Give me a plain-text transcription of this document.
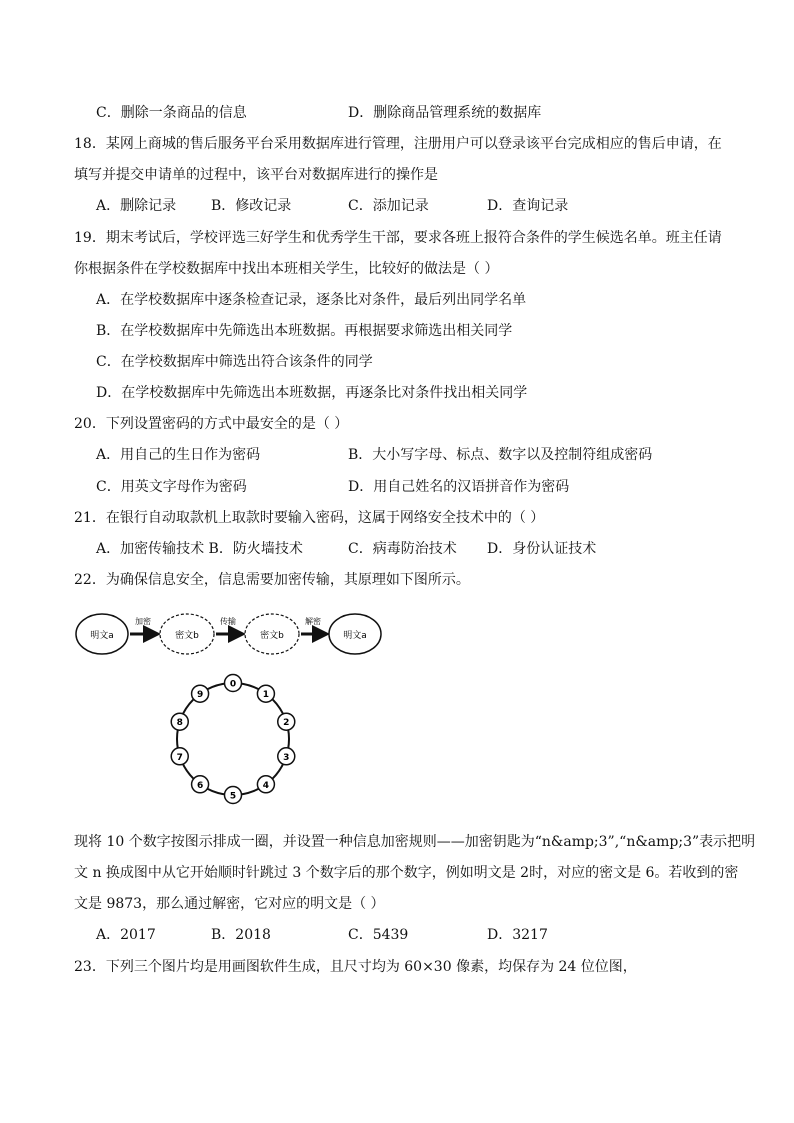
C．删除一条商品的信息	D．删除商品管理系统的数据库
18．某网上商城的售后服务平台采用数据库进行管理，注册用户可以登录该平台完成相应的售后申请，在
填写并提交申请单的过程中，该平台对数据库进行的操作是
A．删除记录 B．修改记录	C．添加记录	D．查询记录
19．期末考试后，学校评选三好学生和优秀学生干部，要求各班上报符合条件的学生候选名单。班主任请
你根据条件在学校数据库中找出本班相关学生，比较好的做法是（ ）
A．在学校数据库中逐条检查记录，逐条比对条件，最后列出同学名单
B．在学校数据库中先筛选出本班数据。再根据要求筛选出相关同学
C．在学校数据库中筛选出符合该条件的同学
D．在学校数据库中先筛选出本班数据，再逐条比对条件找出相关同学
20．下列设置密码的方式中最安全的是（ ）
A．用自己的生日作为密码	B．大小写字母、标点、数字以及控制符组成密码
C．用英文字母作为密码	D．用自己姓名的汉语拼音作为密码
21．在银行自动取款机上取款时要输入密码，这属于网络安全技术中的（ ）
A．加密传输技术 B．防火墙技术	C．病毒防治技术 D．身份认证技术
22．为确保信息安全，信息需要加密传输，其原理如下图所示。
明文a
加密
密文b
传输
密文b
解密
明文a
0
1
2
3
4
5
6
7
8
9
现将 10 个数字按图示排成一圈，并设置一种信息加密规则——加密钥匙为“n&amp;3”,“n&amp;3”表示把明
文 n 换成图中从它开始顺时针跳过 3 个数字后的那个数字，例如明文是 2时，对应的密文是 6。若收到的密
文是 9873，那么通过解密，它对应的明文是（ ）
A．2017	B．2018	C．5439	D．3217
23．下列三个图片均是用画图软件生成，且尺寸均为 60×30 像素，均保存为 24 位位图，
